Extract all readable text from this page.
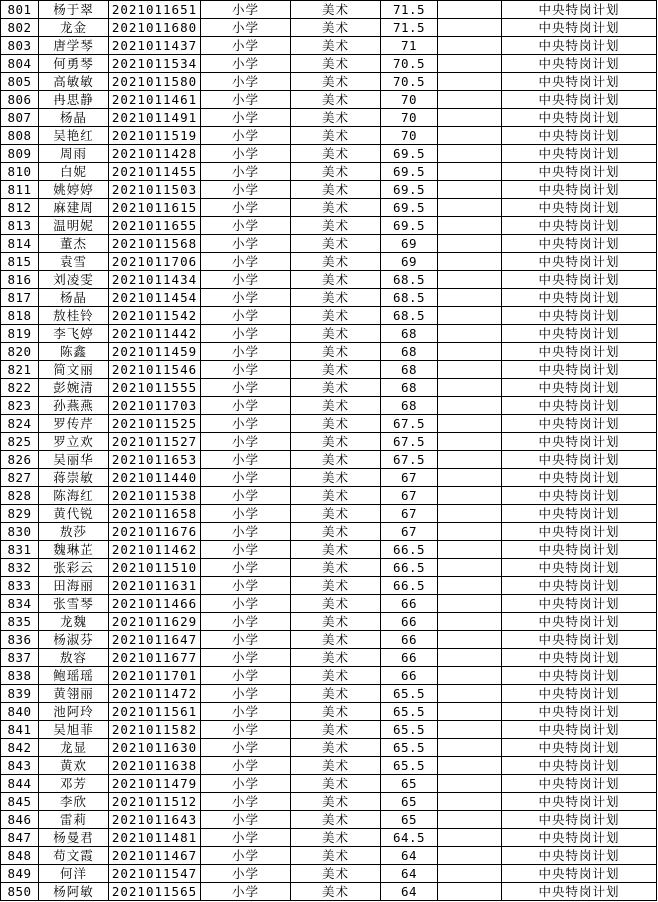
801	杨于翠	2021011651	小学	美术	71.5		中央特岗计划
802	龙金	2021011680	小学	美术	71.5		中央特岗计划
803	唐学琴	2021011437	小学	美术	71		中央特岗计划
804	何勇琴	2021011534	小学	美术	70.5		中央特岗计划
805	高敏敏	2021011580	小学	美术	70.5		中央特岗计划
806	冉思静	2021011461	小学	美术	70		中央特岗计划
807	杨晶	2021011491	小学	美术	70		中央特岗计划
808	吴艳红	2021011519	小学	美术	70		中央特岗计划
809	周雨	2021011428	小学	美术	69.5		中央特岗计划
810	白妮	2021011455	小学	美术	69.5		中央特岗计划
811	姚婷婷	2021011503	小学	美术	69.5		中央特岗计划
812	麻建周	2021011615	小学	美术	69.5		中央特岗计划
813	温明妮	2021011655	小学	美术	69.5		中央特岗计划
814	董杰	2021011568	小学	美术	69		中央特岗计划
815	袁雪	2021011706	小学	美术	69		中央特岗计划
816	刘凌雯	2021011434	小学	美术	68.5		中央特岗计划
817	杨晶	2021011454	小学	美术	68.5		中央特岗计划
818	敖桂铃	2021011542	小学	美术	68.5		中央特岗计划
819	李飞婷	2021011442	小学	美术	68		中央特岗计划
820	陈鑫	2021011459	小学	美术	68		中央特岗计划
821	简文丽	2021011546	小学	美术	68		中央特岗计划
822	彭婉清	2021011555	小学	美术	68		中央特岗计划
823	孙燕燕	2021011703	小学	美术	68		中央特岗计划
824	罗传芹	2021011525	小学	美术	67.5		中央特岗计划
825	罗立欢	2021011527	小学	美术	67.5		中央特岗计划
826	吴丽华	2021011653	小学	美术	67.5		中央特岗计划
827	蒋崇敏	2021011440	小学	美术	67		中央特岗计划
828	陈海红	2021011538	小学	美术	67		中央特岗计划
829	黄代锐	2021011658	小学	美术	67		中央特岗计划
830	敖莎	2021011676	小学	美术	67		中央特岗计划
831	魏琳芷	2021011462	小学	美术	66.5		中央特岗计划
832	张彩云	2021011510	小学	美术	66.5		中央特岗计划
833	田海丽	2021011631	小学	美术	66.5		中央特岗计划
834	张雪琴	2021011466	小学	美术	66		中央特岗计划
835	龙魏	2021011629	小学	美术	66		中央特岗计划
836	杨淑芬	2021011647	小学	美术	66		中央特岗计划
837	敖容	2021011677	小学	美术	66		中央特岗计划
838	鲍瑶瑶	2021011701	小学	美术	66		中央特岗计划
839	黄翎丽	2021011472	小学	美术	65.5		中央特岗计划
840	池阿玲	2021011561	小学	美术	65.5		中央特岗计划
841	吴旭菲	2021011582	小学	美术	65.5		中央特岗计划
842	龙显	2021011630	小学	美术	65.5		中央特岗计划
843	黄欢	2021011638	小学	美术	65.5		中央特岗计划
844	邓芳	2021011479	小学	美术	65		中央特岗计划
845	李欣	2021011512	小学	美术	65		中央特岗计划
846	雷莉	2021011643	小学	美术	65		中央特岗计划
847	杨曼君	2021011481	小学	美术	64.5		中央特岗计划
848	苟文霞	2021011467	小学	美术	64		中央特岗计划
849	何洋	2021011547	小学	美术	64		中央特岗计划
850	杨阿敏	2021011565	小学	美术	64		中央特岗计划
